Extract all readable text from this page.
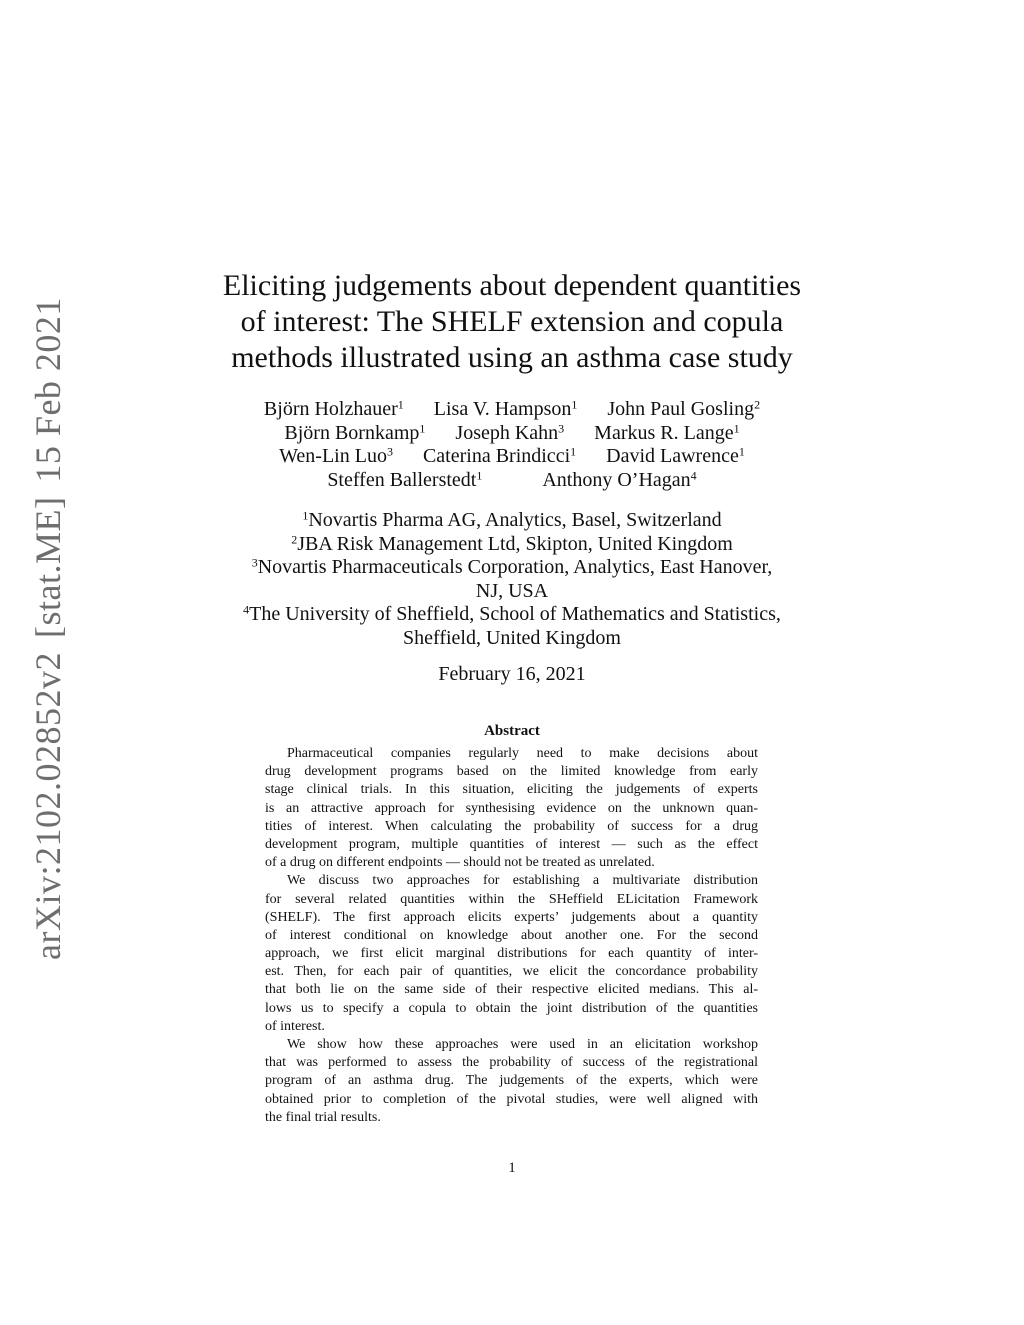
arXiv:2102.02852v2
[stat.ME]
15 Feb 2021
Eliciting judgements about dependent quantities
of interest: The SHELF extension and copula
methods illustrated using an asthma case study
Björn Holzhauer$^1$ Lisa V. Hampson$^1$ John Paul Gosling$^2$
Björn Bornkamp$^1$ Joseph Kahn$^3$ Markus R. Lange$^1$
Wen-Lin Luo$^3$ Caterina Brindicci$^1$ David Lawrence$^1$
Steffen Ballerstedt$^1$	Anthony O’Hagan$^4$
$^1$Novartis Pharma AG, Analytics, Basel, Switzerland
$^2$JBA Risk Management Ltd, Skipton, United Kingdom
$^3$Novartis Pharmaceuticals Corporation, Analytics, East Hanover,
NJ, USA
$^4$The University of Sheffield, School of Mathematics and Statistics,
Sheffield, United Kingdom
February 16, 2021
Abstract
Pharmaceutical companies regularly need to make decisions about
drug development programs based on the limited knowledge from early
stage clinical trials. In this situation, eliciting the judgements of experts
is an attractive approach for synthesising evidence on the unknown quan-
tities of interest. When calculating the probability of success for a drug
development program, multiple quantities of interest — such as the effect
of a drug on different endpoints — should not be treated as unrelated.
We discuss two approaches for establishing a multivariate distribution
for several related quantities within the SHeffield ELicitation Framework
(SHELF). The first approach elicits experts’ judgements about a quantity
of interest conditional on knowledge about another one. For the second
approach, we first elicit marginal distributions for each quantity of inter-
est. Then, for each pair of quantities, we elicit the concordance probability
that both lie on the same side of their respective elicited medians. This al-
lows us to specify a copula to obtain the joint distribution of the quantities
of interest.
We show how these approaches were used in an elicitation workshop
that was performed to assess the probability of success of the registrational
program of an asthma drug. The judgements of the experts, which were
obtained prior to completion of the pivotal studies, were well aligned with
the final trial results.
1
